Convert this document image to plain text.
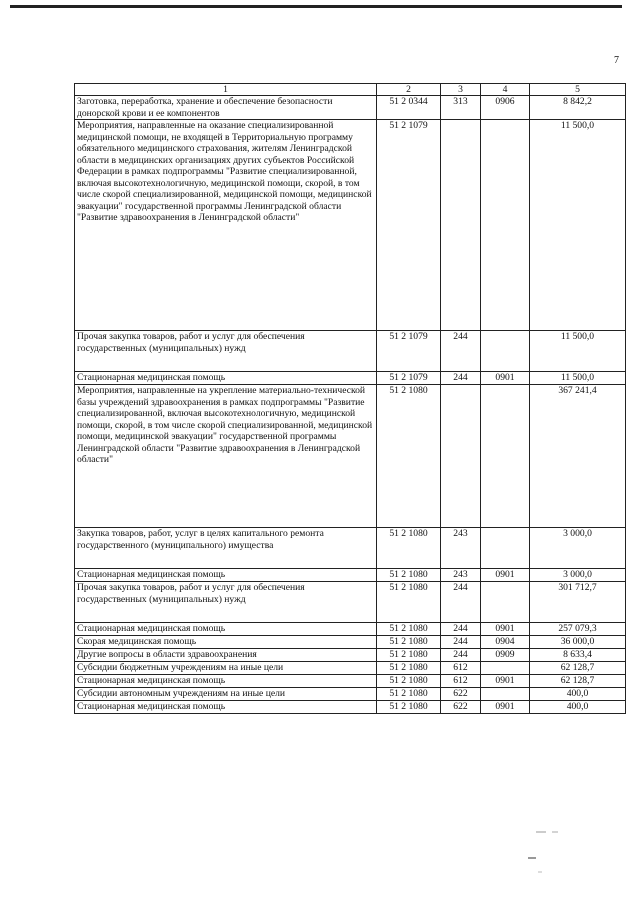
7
1	2	3	4	5
Заготовка, переработка, хранение и обеспечение безопасности донорской крови и ее компонентов	51 2 0344	313	0906	8 842,2
Мероприятия, направленные на оказание специализированной медицинской помощи, не входящей в Территориальную программу обязательного медицинского страхования, жителям Ленинградской области в медицинских организациях других субъектов Российской Федерации в рамках подпрограммы "Развитие специализированной, включая высокотехнологичную, медицинской помощи, скорой, в том числе скорой специализированной, медицинской помощи, медицинской эвакуации" государственной программы Ленинградской области "Развитие здравоохранения в Ленинградской области"	51 2 1079			11 500,0
Прочая закупка товаров, работ и услуг для обеспечения государственных (муниципальных) нужд	51 2 1079	244		11 500,0
Стационарная медицинская помощь	51 2 1079	244	0901	11 500,0
Мероприятия, направленные на укрепление материально-технической базы учреждений здравоохранения в рамках подпрограммы "Развитие специализированной, включая высокотехнологичную, медицинской помощи, скорой, в том числе скорой специализированной, медицинской помощи, медицинской эвакуации" государственной программы Ленинградской области "Развитие здравоохранения в Ленинградской области"	51 2 1080			367 241,4
Закупка товаров, работ, услуг в целях капитального ремонта государственного (муниципального) имущества	51 2 1080	243		3 000,0
Стационарная медицинская помощь	51 2 1080	243	0901	3 000,0
Прочая закупка товаров, работ и услуг для обеспечения государственных (муниципальных) нужд	51 2 1080	244		301 712,7
Стационарная медицинская помощь	51 2 1080	244	0901	257 079,3
Скорая медицинская помощь	51 2 1080	244	0904	36 000,0
Другие вопросы в области здравоохранения	51 2 1080	244	0909	8 633,4
Субсидии бюджетным учреждениям на иные цели	51 2 1080	612		62 128,7
Стационарная медицинская помощь	51 2 1080	612	0901	62 128,7
Субсидии автономным учреждениям на иные цели	51 2 1080	622		400,0
Стационарная медицинская помощь	51 2 1080	622	0901	400,0
